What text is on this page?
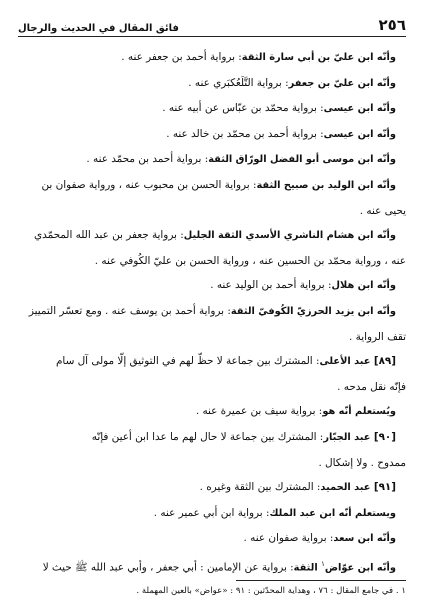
٢٥٦
فائق المقال في الحديث والرجال
وأنّه ابن عليّ بن أبي سارة الثقة: برواية أحمد بن جعفر عنه .
وأنّه ابن عليّ بن جعفر: برواية التَّلَعُكبَري عنه .
وأنّه ابن عيسى: برواية محمّد بن عبّاس عن أبيه عنه .
وأنّه ابن عيسى: برواية أحمد بن محمّد بن خالد عنه .
وأنّه ابن موسى أبو الفضل الورّاق الثقة: برواية أحمد بن محمّد عنه .
وأنّه ابن الوليد بن صبيح الثقة: برواية الحسن بن محبوب عنه ، ورواية صفوان بن
يحيى عنه .
وأنّه ابن هشام الناشري الأسدي الثقة الجليل: برواية جعفر بن عبد الله المحمّدي
عنه ، ورواية محمّد بن الحسين عنه ، ورواية الحسن بن عليّ الكُوفي عنه .
وأنّه ابن هلال: برواية أحمد بن الوليد عنه .
وأنّه ابن يزيد الحرزيّ الكُوفيّ الثقة: برواية أحمد بن يوسف عنه . ومع تعسّر التمييز
تقف الرواية .
[٨٩] عبد الأعلى: المشترك بين جماعة لا حظّ لهم في التوثيق إلّا مولى آل سام
فإنّه نقل مدحه .
ويُستعلم أنّه هو: برواية سيف بن عميرة عنه .
[٩٠] عبد الجبّار: المشترك بين جماعة لا حال لهم ما عدا ابن أعين فإنّه
ممدوح . ولا إشكال .
[٩١] عبد الحميد: المشترك بين الثقة وغيره .
ويستعلم أنّه ابن عبد الملك: برواية ابن أبي عمير عنه .
وأنّه ابن سعد: برواية صفوان عنه .
وأنّه ابن عوّاض$^١$ الثقة: برواية عن الإمامين : أبي جعفر ، وأبي عبد الله ﷺ حيث لا
١ . في جامع المقال : ٧٦ ، وهداية المحدّثين : ٩١ : «عواض» بالعين المهملة .
